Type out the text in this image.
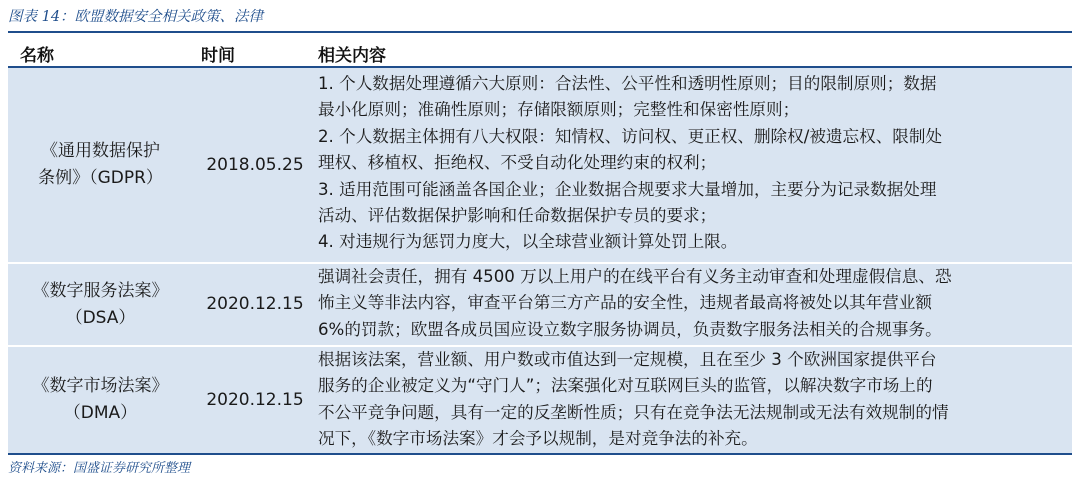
图表 14：欧盟数据安全相关政策、法律
名称	时间	相关内容
《通用数据保护
条例》（GDPR）
2018.05.25
1. 个人数据处理遵循六大原则：合法性、公平性和透明性原则；目的限制原则；数据
最小化原则；准确性原则；存储限额原则；完整性和保密性原则；
2. 个人数据主体拥有八大权限：知情权、访问权、更正权、删除权/被遗忘权、限制处
理权、移植权、拒绝权、不受自动化处理约束的权利；
3. 适用范围可能涵盖各国企业；企业数据合规要求大量增加，主要分为记录数据处理
活动、评估数据保护影响和任命数据保护专员的要求；
4. 对违规行为惩罚力度大，以全球营业额计算处罚上限。
《数字服务法案》
（DSA）
2020.12.15
强调社会责任，拥有 4500 万以上用户的在线平台有义务主动审查和处理虚假信息、恐
怖主义等非法内容，审查平台第三方产品的安全性，违规者最高将被处以其年营业额
6%的罚款；欧盟各成员国应设立数字服务协调员，负责数字服务法相关的合规事务。
《数字市场法案》
（DMA）
2020.12.15
根据该法案，营业额、用户数或市值达到一定规模，且在至少 3 个欧洲国家提供平台
服务的企业被定义为“守门人”；法案强化对互联网巨头的监管，以解决数字市场上的
不公平竞争问题，具有一定的反垄断性质；只有在竞争法无法规制或无法有效规制的情
况下，《数字市场法案》才会予以规制，是对竞争法的补充。
资料来源：国盛证券研究所整理
